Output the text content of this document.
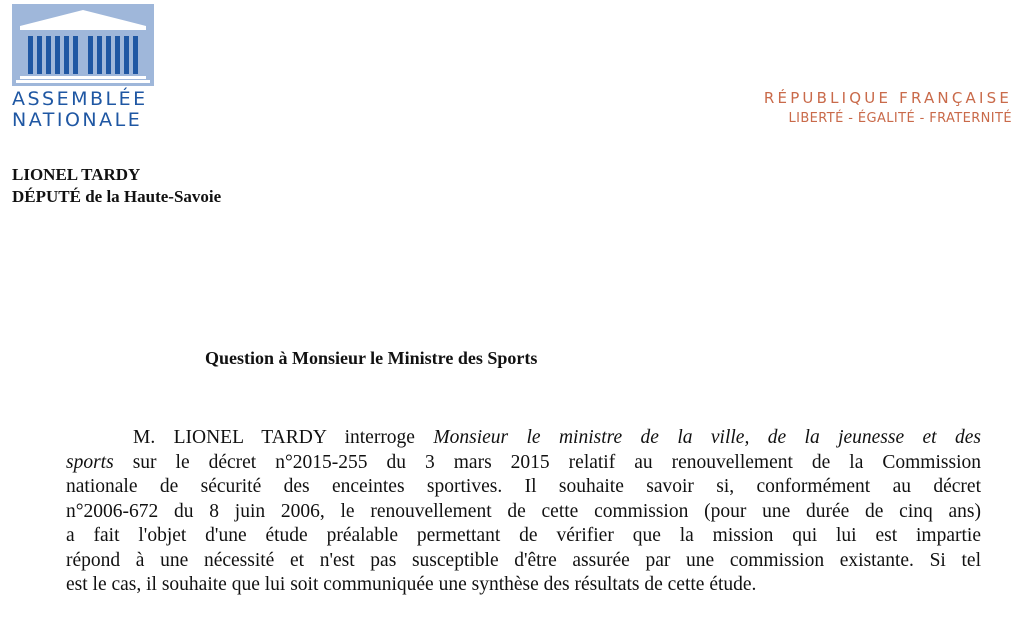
ASSEMBLÉE
NATIONALE
RÉPUBLIQUE FRANÇAISE
LIBERTÉ - ÉGALITÉ - FRATERNITÉ
LIONEL TARDY
DÉPUTÉ de la Haute-Savoie
Question à Monsieur le Ministre des Sports
M. LIONEL TARDY interroge Monsieur le ministre de la ville, de la jeunesse et des
sports sur le décret n°2015-255 du 3 mars 2015 relatif au renouvellement de la Commission
nationale de sécurité des enceintes sportives. Il souhaite savoir si, conformément au décret
n°2006-672 du 8 juin 2006, le renouvellement de cette commission (pour une durée de cinq ans)
a fait l'objet d'une étude préalable permettant de vérifier que la mission qui lui est impartie
répond à une nécessité et n'est pas susceptible d'être assurée par une commission existante. Si tel
est le cas, il souhaite que lui soit communiquée une synthèse des résultats de cette étude.
